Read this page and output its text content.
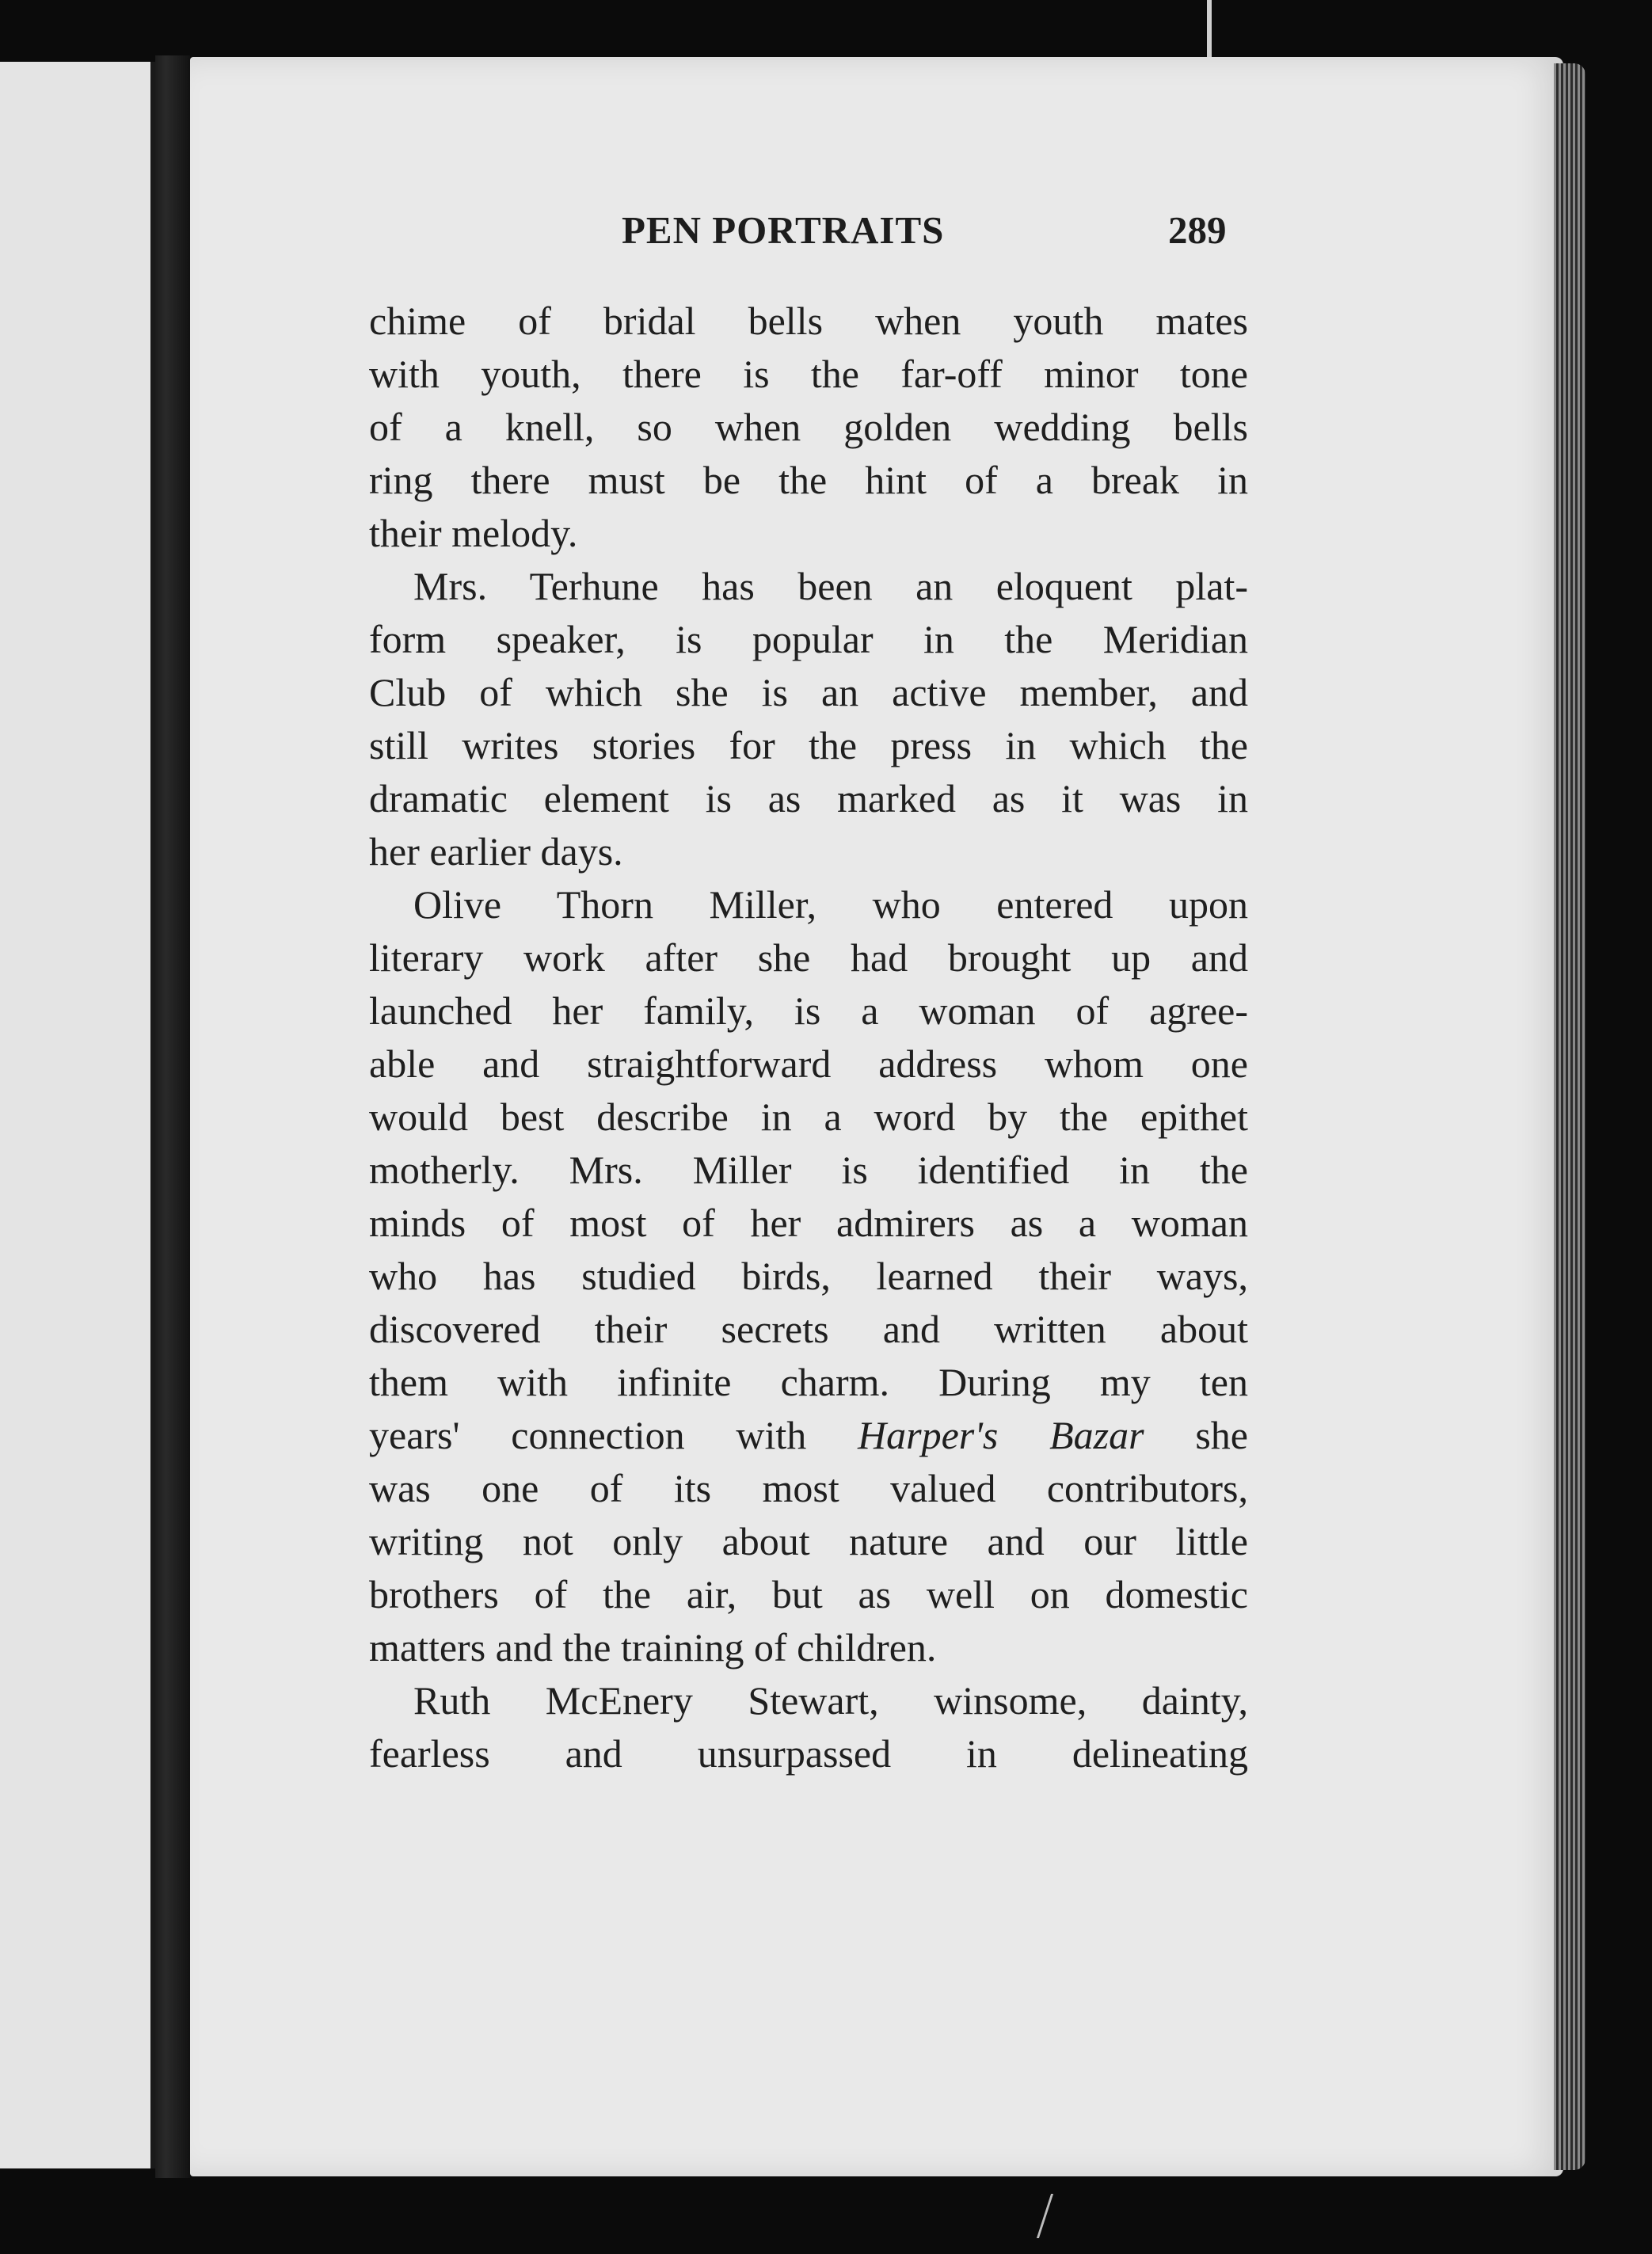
PEN PORTRAITS	289
chime of bridal bells when youth mates
with youth, there is the far-off minor tone
of a knell, so when golden wedding bells
ring there must be the hint of a break in
their melody.
Mrs. Terhune has been an eloquent plat-
form speaker, is popular in the Meridian
Club of which she is an active member, and
still writes stories for the press in which the
dramatic element is as marked as it was in
her earlier days.
Olive Thorn Miller, who entered upon
literary work after she had brought up and
launched her family, is a woman of agree-
able and straightforward address whom one
would best describe in a word by the epithet
motherly. Mrs. Miller is identified in the
minds of most of her admirers as a woman
who has studied birds, learned their ways,
discovered their secrets and written about
them with infinite charm. During my ten
years' connection with Harper's Bazar she
was one of its most valued contributors,
writing not only about nature and our little
brothers of the air, but as well on domestic
matters and the training of children.
Ruth McEnery Stewart, winsome, dainty,
fearless and unsurpassed in delineating
